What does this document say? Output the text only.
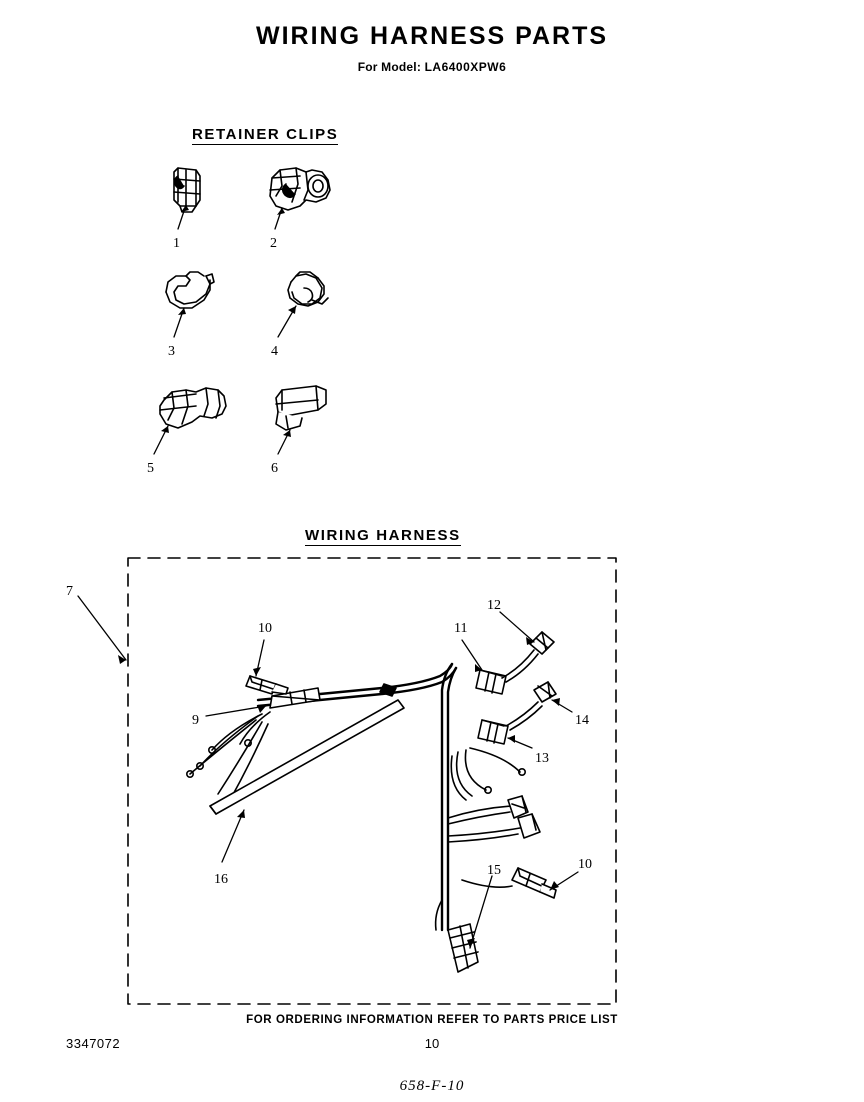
WIRING HARNESS PARTS
For Model: LA6400XPW6
RETAINER CLIPS
WIRING HARNESS
1	2
3	4
5	6
7
9
10	11
12
13
14
15	10
16
FOR ORDERING INFORMATION REFER TO PARTS PRICE LIST
3347072	10
658-F-10
